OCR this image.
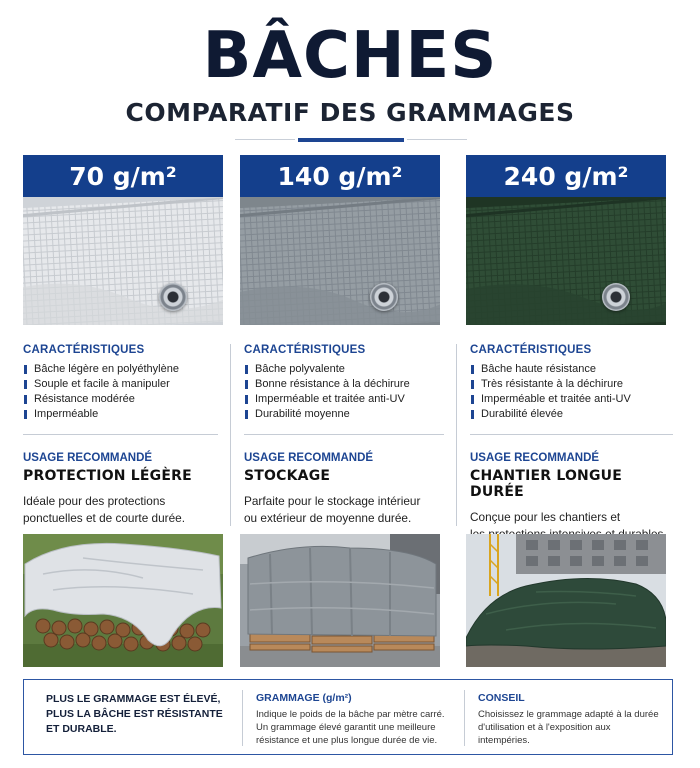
BÂCHES
COMPARATIF DES GRAMMAGES
70 g/m²	140 g/m²	240 g/m²
CARACTÉRISTIQUES
Bâche légère en polyéthylène
Souple et facile à manipuler
Résistance modérée
Imperméable
CARACTÉRISTIQUES
Bâche polyvalente
Bonne résistance à la déchirure
Imperméable et traitée anti-UV
Durabilité moyenne
CARACTÉRISTIQUES
Bâche haute résistance
Très résistante à la déchirure
Imperméable et traitée anti-UV
Durabilité élevée
USAGE RECOMMANDÉ
PROTECTION LÉGÈRE
Idéale pour des protections
ponctuelles et de courte durée.
USAGE RECOMMANDÉ
STOCKAGE
Parfaite pour le stockage intérieur
ou extérieur de moyenne durée.
USAGE RECOMMANDÉ
CHANTIER LONGUE DURÉE
Conçue pour les chantiers et
PLUS LE GRAMMAGE EST ÉLEVÉ,
PLUS LA BÂCHE EST RÉSISTANTE
ET DURABLE.
GRAMMAGE (g/m²)
Indique le poids de la bâche par mètre carré.
Un grammage élevé garantit une meilleure
résistance et une plus longue durée de vie.
CONSEIL
Choisissez le grammage adapté à la durée
d'utilisation et à l'exposition aux
intempéries.
